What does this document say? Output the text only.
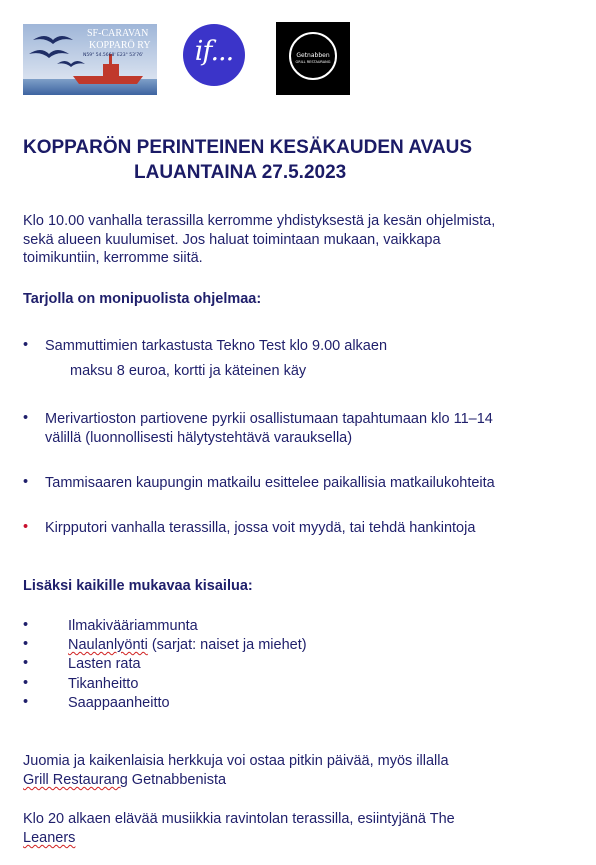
SF-CARAVAN
KOPPARÖ RY
N59° 54.5668' E23° 53'76'	if...	Getnabben
GRILL RESTAURANG
KOPPARÖN PERINTEINEN KESÄKAUDEN AVAUS
LAUANTAINA 27.5.2023
Klo 10.00 vanhalla terassilla kerromme yhdistyksestä ja kesän ohjelmista,
sekä alueen kuulumiset. Jos haluat toimintaan mukaan, vaikkapa
toimikuntiin, kerromme siitä.
Tarjolla on monipuolista ohjelmaa:
• Sammuttimien tarkastusta Tekno Test klo 9.00 alkaen
maksu 8 euroa, kortti ja käteinen käy
• Merivartioston partiovene pyrkii osallistumaan tapahtumaan klo 11–14
välillä (luonnollisesti hälytystehtävä varauksella)
• Tammisaaren kaupungin matkailu esittelee paikallisia matkailukohteita
• Kirpputori vanhalla terassilla, jossa voit myydä, tai tehdä hankintoja
Lisäksi kaikille mukavaa kisailua:
•	Ilmakivääriammunta
•	Naulanlyönti (sarjat: naiset ja miehet)
•	Lasten rata
•	Tikanheitto
•	Saappaanheitto
Juomia ja kaikenlaisia herkkuja voi ostaa pitkin päivää, myös illalla
Grill Restaurang Getnabbenista
Klo 20 alkaen elävää musiikkia ravintolan terassilla, esiintyjänä The
Leaners
